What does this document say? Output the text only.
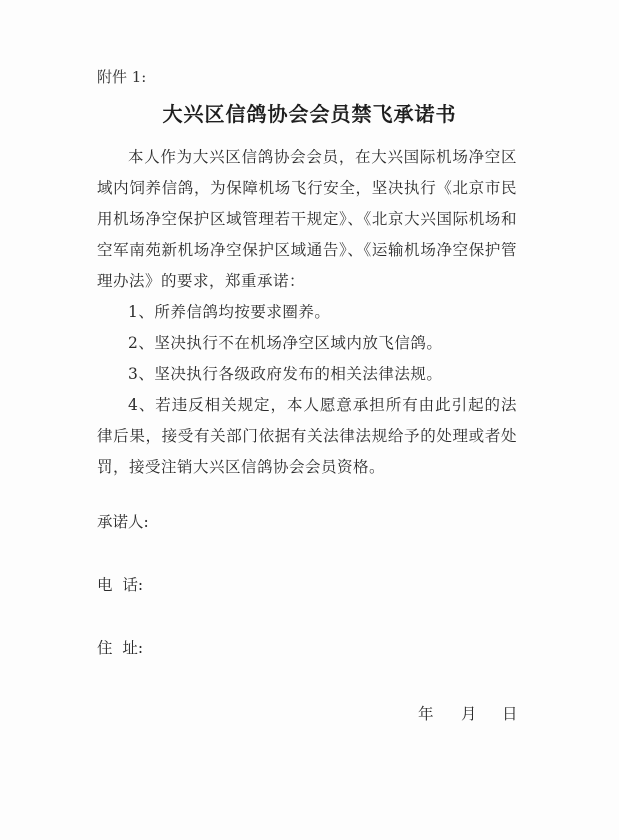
附件 1:
大兴区信鸽协会会员禁飞承诺书

本人作为大兴区信鸽协会会员，在大兴国际机场净空区域内饲养信鸽，为保障机场飞行安全，坚决执行《北京市民用机场净空保护区域管理若干规定》、《北京大兴国际机场和空军南苑新机场净空保护区域通告》、《运输机场净空保护管理办法》的要求，郑重承诺：

1、所养信鸽均按要求圈养。

2、坚决执行不在机场净空区域内放飞信鸽。

3、坚决执行各级政府发布的相关法律法规。

4、若违反相关规定，本人愿意承担所有由此引起的法律后果，接受有关部门依据有关法律法规给予的处理或者处罚，接受注销大兴区信鸽协会会员资格。

承诺人:
电  话:
住  址:
年 月 日
